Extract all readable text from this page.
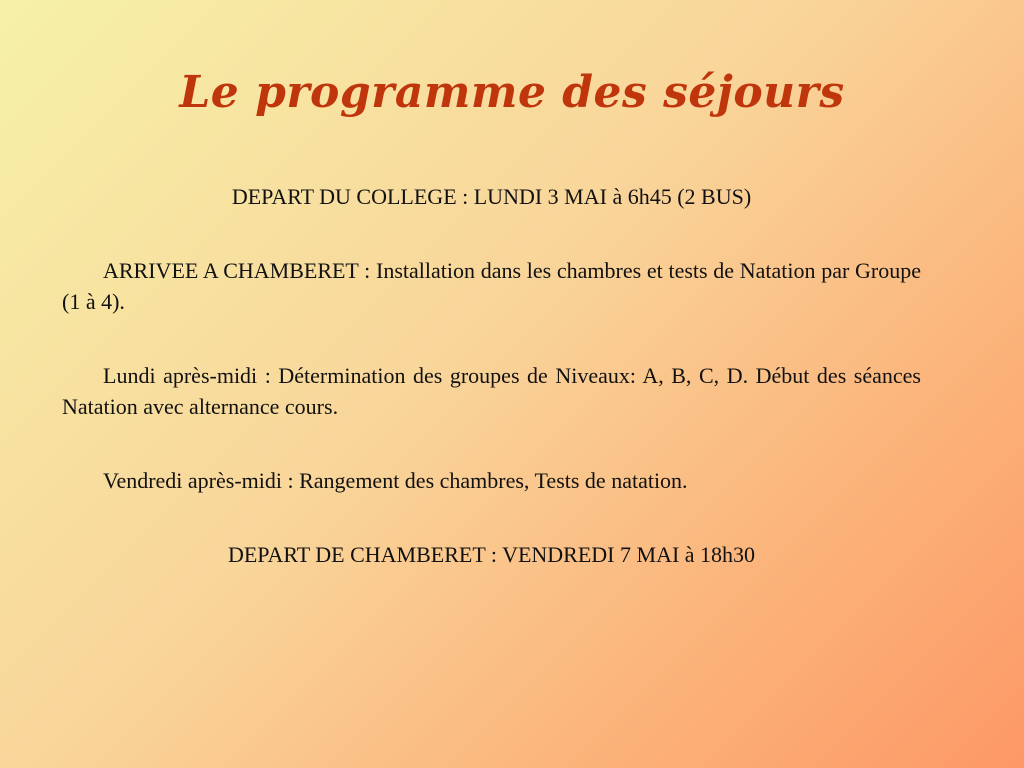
Le programme des séjours

DEPART DU COLLEGE : LUNDI 3 MAI à 6h45 (2 BUS)

ARRIVEE A CHAMBERET : Installation dans les chambres et tests de Natation par Groupe (1 à 4).

Lundi après-midi : Détermination des groupes de Niveaux: A, B, C, D. Début des séances Natation avec alternance cours.

Vendredi après-midi : Rangement des chambres, Tests de natation.

DEPART DE CHAMBERET : VENDREDI 7 MAI à 18h30
